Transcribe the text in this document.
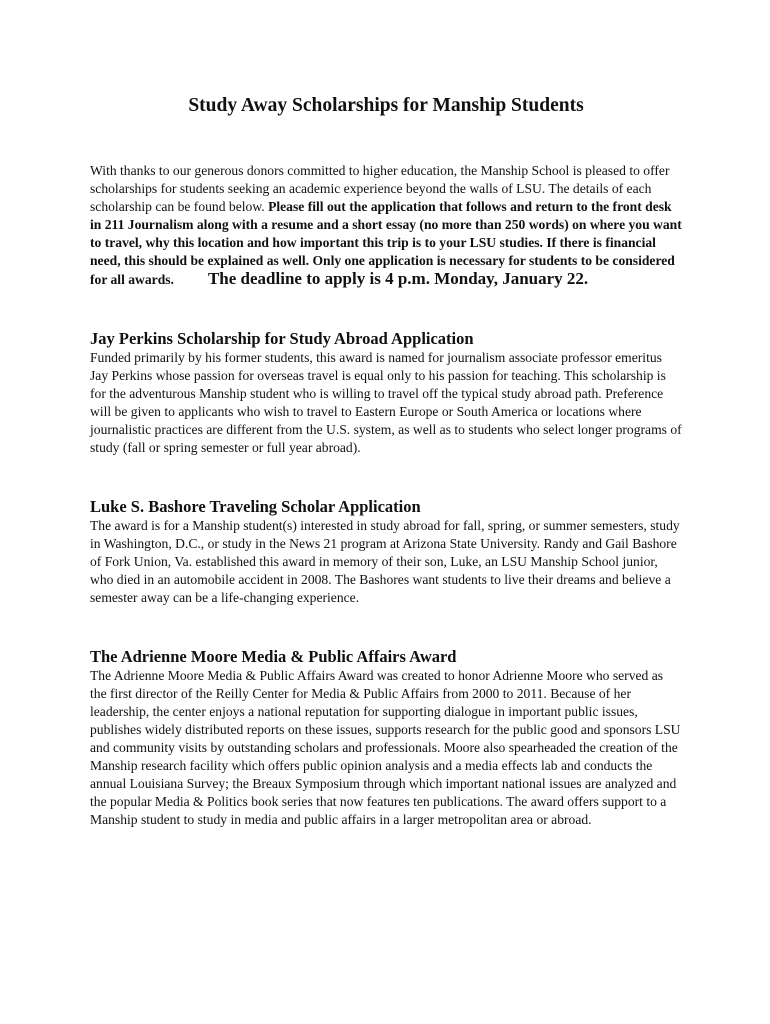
Study Away Scholarships for Manship Students

With thanks to our generous donors committed to higher education, the Manship School is pleased to offer scholarships for students seeking an academic experience beyond the walls of LSU. The details of each scholarship can be found below. Please fill out the application that follows and return to the front desk in 211 Journalism along with a resume and a short essay (no more than 250 words) on where you want to travel, why this location and how important this trip is to your LSU studies. If there is financial need, this should be explained as well. Only one application is necessary for students to be considered for all awards. The deadline to apply is 4 p.m. Monday, January 22.

Jay Perkins Scholarship for Study Abroad Application

Funded primarily by his former students, this award is named for journalism associate professor emeritus Jay Perkins whose passion for overseas travel is equal only to his passion for teaching. This scholarship is for the adventurous Manship student who is willing to travel off the typical study abroad path. Preference will be given to applicants who wish to travel to Eastern Europe or South America or locations where journalistic practices are different from the U.S. system, as well as to students who select longer programs of study (fall or spring semester or full year abroad).

Luke S. Bashore Traveling Scholar Application

The award is for a Manship student(s) interested in study abroad for fall, spring, or summer semesters, study in Washington, D.C., or study in the News 21 program at Arizona State University. Randy and Gail Bashore of Fork Union, Va. established this award in memory of their son, Luke, an LSU Manship School junior, who died in an automobile accident in 2008. The Bashores want students to live their dreams and believe a semester away can be a life-changing experience.

The Adrienne Moore Media & Public Affairs Award

The Adrienne Moore Media & Public Affairs Award was created to honor Adrienne Moore who served as the first director of the Reilly Center for Media & Public Affairs from 2000 to 2011. Because of her leadership, the center enjoys a national reputation for supporting dialogue in important public issues, publishes widely distributed reports on these issues, supports research for the public good and sponsors LSU and community visits by outstanding scholars and professionals. Moore also spearheaded the creation of the Manship research facility which offers public opinion analysis and a media effects lab and conducts the annual Louisiana Survey; the Breaux Symposium through which important national issues are analyzed and the popular Media & Politics book series that now features ten publications. The award offers support to a Manship student to study in media and public affairs in a larger metropolitan area or abroad.
